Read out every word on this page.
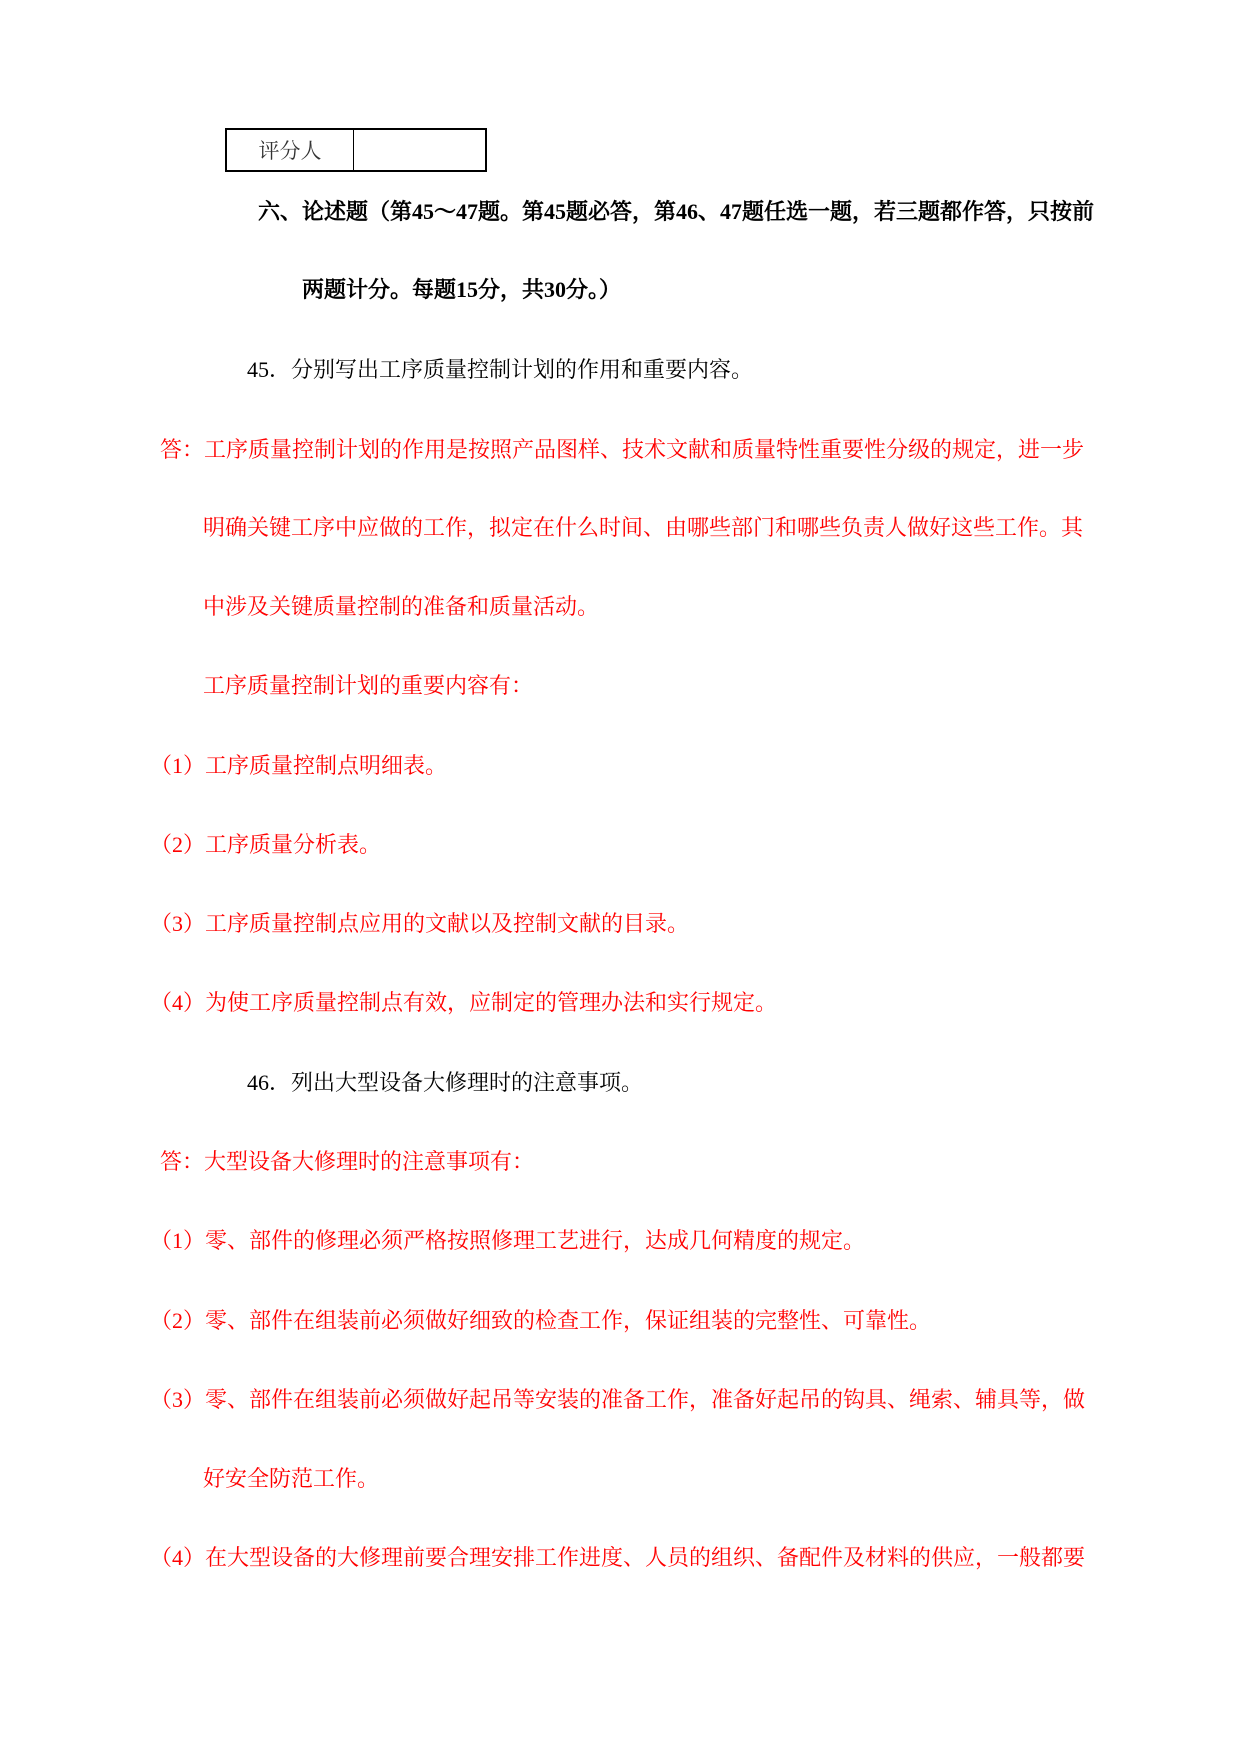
评分人
六、论述题（第45～47题。第45题必答，第46、47题任选一题，若三题都作答，只按前
两题计分。每题15分，共30分。）
45．分别写出工序质量控制计划的作用和重要内容。
答：工序质量控制计划的作用是按照产品图样、技术文献和质量特性重要性分级的规定，进一步
明确关键工序中应做的工作，拟定在什么时间、由哪些部门和哪些负责人做好这些工作。其
中涉及关键质量控制的准备和质量活动。
工序质量控制计划的重要内容有：
（1）工序质量控制点明细表。
（2）工序质量分析表。
（3）工序质量控制点应用的文献以及控制文献的目录。
（4）为使工序质量控制点有效，应制定的管理办法和实行规定。
46．列出大型设备大修理时的注意事项。
答：大型设备大修理时的注意事项有：
（1）零、部件的修理必须严格按照修理工艺进行，达成几何精度的规定。
（2）零、部件在组装前必须做好细致的检查工作，保证组装的完整性、可靠性。
（3）零、部件在组装前必须做好起吊等安装的准备工作，准备好起吊的钩具、绳索、辅具等，做
好安全防范工作。
（4）在大型设备的大修理前要合理安排工作进度、人员的组织、备配件及材料的供应，一般都要
